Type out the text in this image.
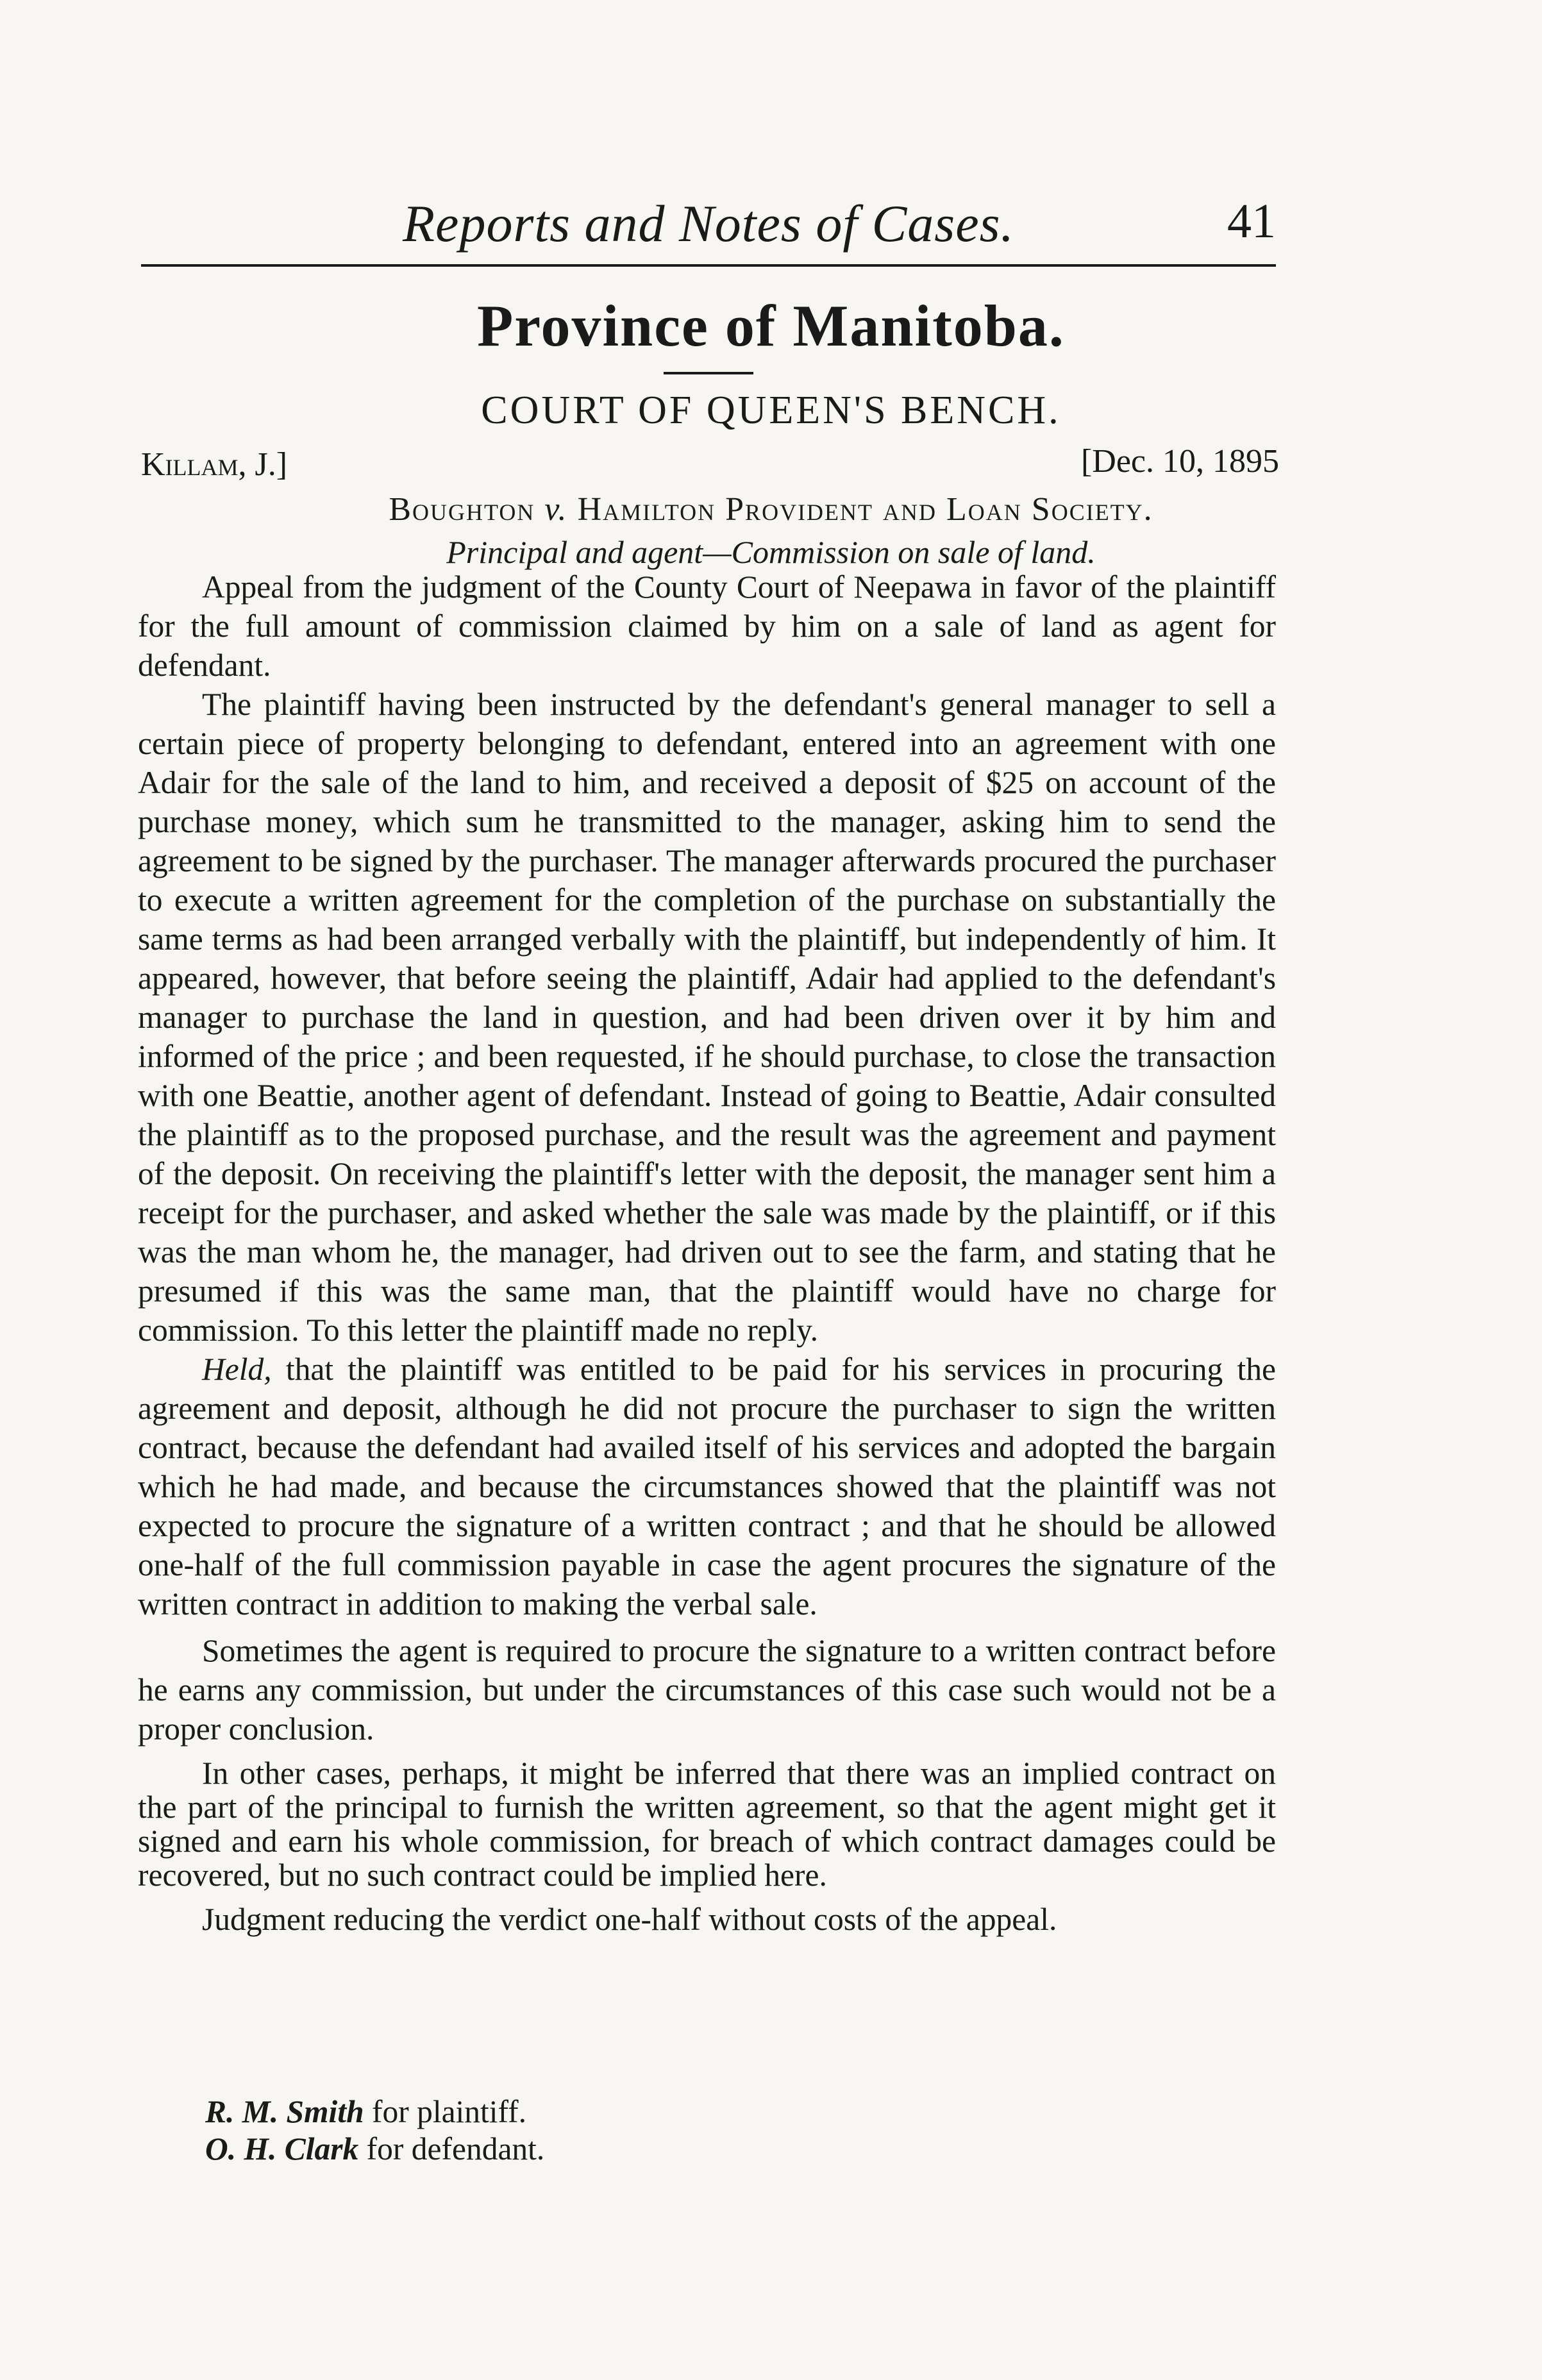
Reports and Notes of Cases.	41
Province of Manitoba.
COURT OF QUEEN'S BENCH.
Killam, J.]	[Dec. 10, 1895
Boughton v. Hamilton Provident and Loan Society.
Principal and agent—Commission on sale of land.

Appeal from the judgment of the County Court of Neepawa in favor of the plaintiff for the full amount of commission claimed by him on a sale of land as agent for defendant.

The plaintiff having been instructed by the defendant's general manager to sell a certain piece of property belonging to defendant, entered into an agreement with one Adair for the sale of the land to him, and received a deposit of $25 on account of the purchase money, which sum he transmitted to the manager, asking him to send the agreement to be signed by the purchaser. The manager afterwards procured the purchaser to execute a written agreement for the completion of the purchase on substantially the same terms as had been arranged verbally with the plaintiff, but independently of him. It appeared, however, that before seeing the plaintiff, Adair had applied to the defendant's manager to purchase the land in question, and had been driven over it by him and informed of the price ; and been requested, if he should purchase, to close the transaction with one Beattie, another agent of defendant. Instead of going to Beattie, Adair consulted the plaintiff as to the proposed purchase, and the result was the agreement and payment of the deposit. On receiving the plaintiff's letter with the deposit, the manager sent him a receipt for the purchaser, and asked whether the sale was made by the plaintiff, or if this was the man whom he, the manager, had driven out to see the farm, and stating that he presumed if this was the same man, that the plaintiff would have no charge for commission. To this letter the plaintiff made no reply.

Held, that the plaintiff was entitled to be paid for his services in procuring the agreement and deposit, although he did not procure the purchaser to sign the written contract, because the defendant had availed itself of his services and adopted the bargain which he had made, and because the circumstances showed that the plaintiff was not expected to procure the signature of a written contract ; and that he should be allowed one-half of the full commission payable in case the agent procures the signature of the written contract in addition to making the verbal sale.

Sometimes the agent is required to procure the signature to a written contract before he earns any commission, but under the circumstances of this case such would not be a proper conclusion.

In other cases, perhaps, it might be inferred that there was an implied contract on the part of the principal to furnish the written agreement, so that the agent might get it signed and earn his whole commission, for breach of which contract damages could be recovered, but no such contract could be implied here.

Judgment reducing the verdict one-half without costs of the appeal.

R. M. Smith for plaintiff.
O. H. Clark for defendant.
